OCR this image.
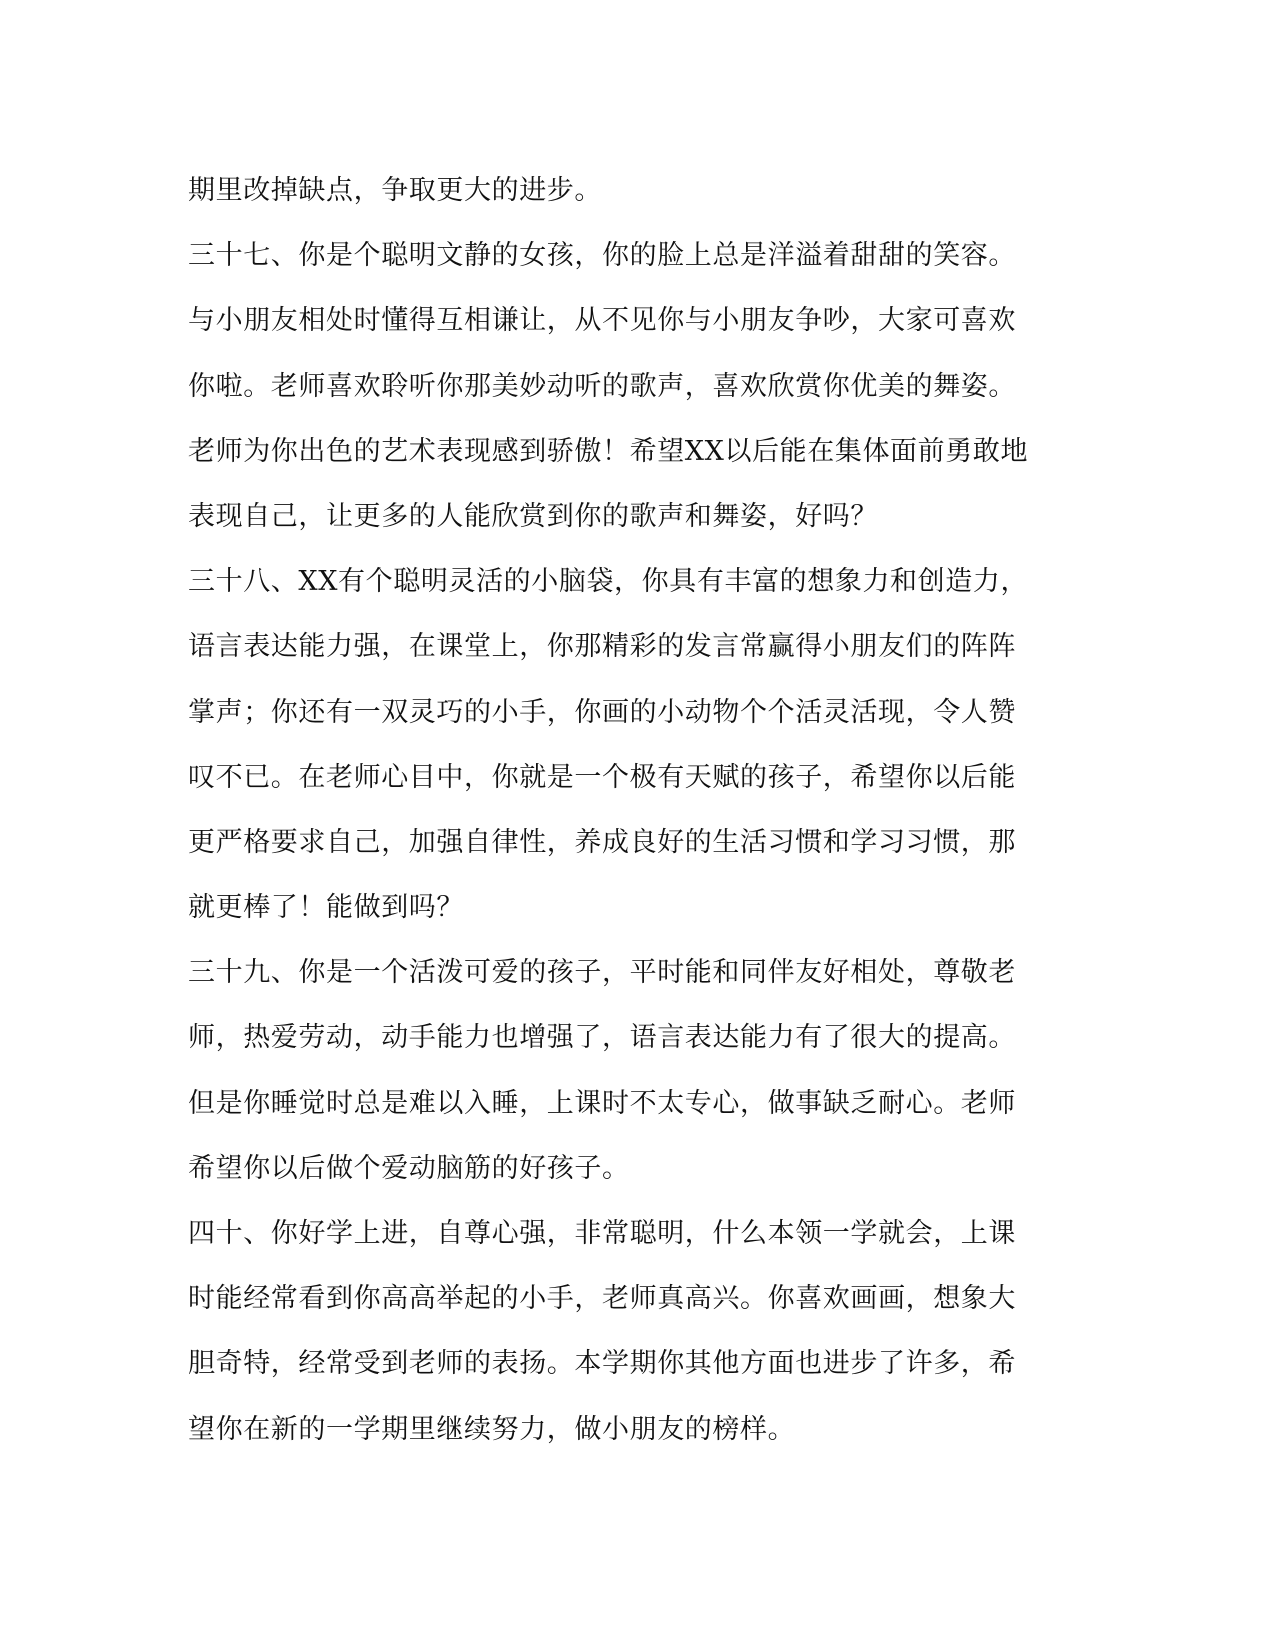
期里改掉缺点，争取更大的进步。
三十七、你是个聪明文静的女孩，你的脸上总是洋溢着甜甜的笑容。
与小朋友相处时懂得互相谦让，从不见你与小朋友争吵，大家可喜欢
你啦。老师喜欢聆听你那美妙动听的歌声，喜欢欣赏你优美的舞姿。
老师为你出色的艺术表现感到骄傲！希望XX以后能在集体面前勇敢地
表现自己，让更多的人能欣赏到你的歌声和舞姿，好吗？
三十八、XX有个聪明灵活的小脑袋，你具有丰富的想象力和创造力，
语言表达能力强，在课堂上，你那精彩的发言常赢得小朋友们的阵阵
掌声；你还有一双灵巧的小手，你画的小动物个个活灵活现，令人赞
叹不已。在老师心目中，你就是一个极有天赋的孩子，希望你以后能
更严格要求自己，加强自律性，养成良好的生活习惯和学习习惯，那
就更棒了！能做到吗？
三十九、你是一个活泼可爱的孩子，平时能和同伴友好相处，尊敬老
师，热爱劳动，动手能力也增强了，语言表达能力有了很大的提高。
但是你睡觉时总是难以入睡，上课时不太专心，做事缺乏耐心。老师
希望你以后做个爱动脑筋的好孩子。
四十、你好学上进，自尊心强，非常聪明，什么本领一学就会，上课
时能经常看到你高高举起的小手，老师真高兴。你喜欢画画，想象大
胆奇特，经常受到老师的表扬。本学期你其他方面也进步了许多，希
望你在新的一学期里继续努力，做小朋友的榜样。
